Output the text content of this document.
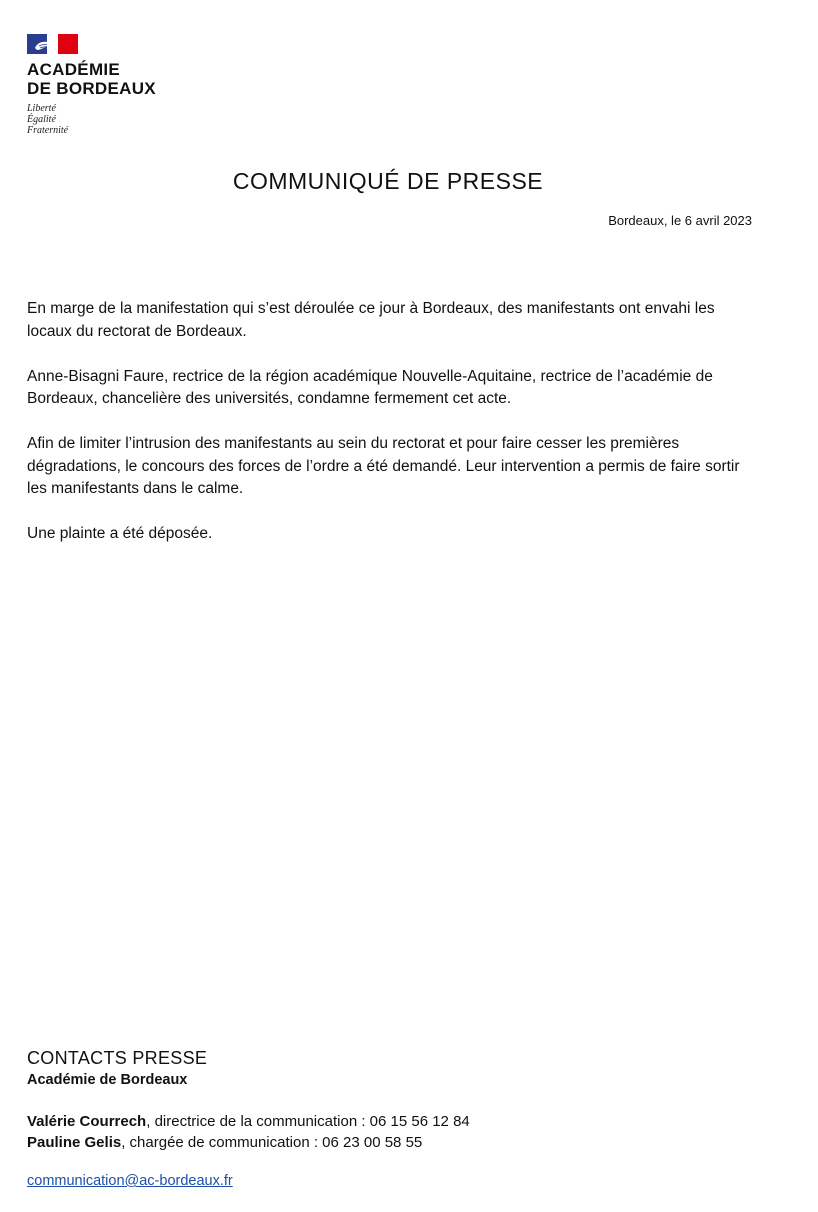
ACADÉMIE
DE BORDEAUX
Liberté
Égalité
Fraternité
COMMUNIQUÉ DE PRESSE
Bordeaux, le 6 avril 2023

En marge de la manifestation qui s’est déroulée ce jour à Bordeaux, des manifestants ont envahi les locaux du rectorat de Bordeaux.

Anne-Bisagni Faure, rectrice de la région académique Nouvelle-Aquitaine, rectrice de l’académie de Bordeaux, chancelière des universités, condamne fermement cet acte.

Afin de limiter l’intrusion des manifestants au sein du rectorat et pour faire cesser les premières dégradations, le concours des forces de l’ordre a été demandé. Leur intervention a permis de faire sortir les manifestants dans le calme.

Une plainte a été déposée.

CONTACTS PRESSE
Académie de Bordeaux
Valérie Courrech, directrice de la communication : 06 15 56 12 84
Pauline Gelis, chargée de communication : 06 23 00 58 55
communication@ac-bordeaux.fr
